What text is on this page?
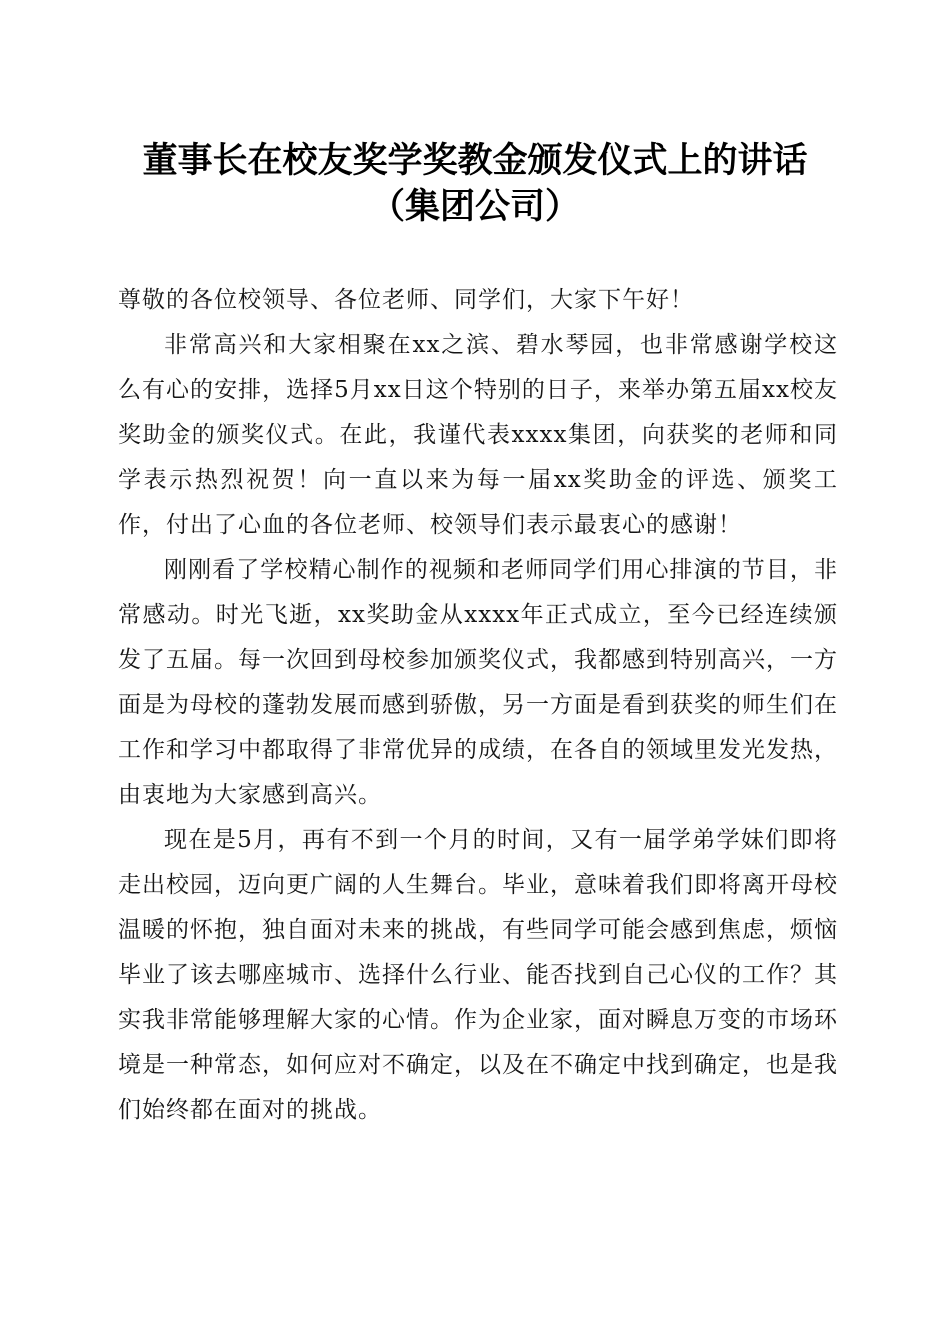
董事长在校友奖学奖教金颁发仪式上的讲话
（集团公司）

尊敬的各位校领导、各位老师、同学们，大家下午好！

非常高兴和大家相聚在xx之滨、碧水琴园，也非常感谢学校这么有心的安排，选择5月xx日这个特别的日子，来举办第五届xx校友奖助金的颁奖仪式。在此，我谨代表xxxx集团，向获奖的老师和同学表示热烈祝贺！向一直以来为每一届xx奖助金的评选、颁奖工作，付出了心血的各位老师、校领导们表示最衷心的感谢！

刚刚看了学校精心制作的视频和老师同学们用心排演的节目，非常感动。时光飞逝，xx奖助金从xxxx年正式成立，至今已经连续颁发了五届。每一次回到母校参加颁奖仪式，我都感到特别高兴，一方面是为母校的蓬勃发展而感到骄傲，另一方面是看到获奖的师生们在工作和学习中都取得了非常优异的成绩，在各自的领域里发光发热，由衷地为大家感到高兴。

现在是5月，再有不到一个月的时间，又有一届学弟学妹们即将走出校园，迈向更广阔的人生舞台。毕业，意味着我们即将离开母校温暖的怀抱，独自面对未来的挑战，有些同学可能会感到焦虑，烦恼毕业了该去哪座城市、选择什么行业、能否找到自己心仪的工作？其实我非常能够理解大家的心情。作为企业家，面对瞬息万变的市场环境是一种常态，如何应对不确定，以及在不确定中找到确定，也是我们始终都在面对的挑战。
